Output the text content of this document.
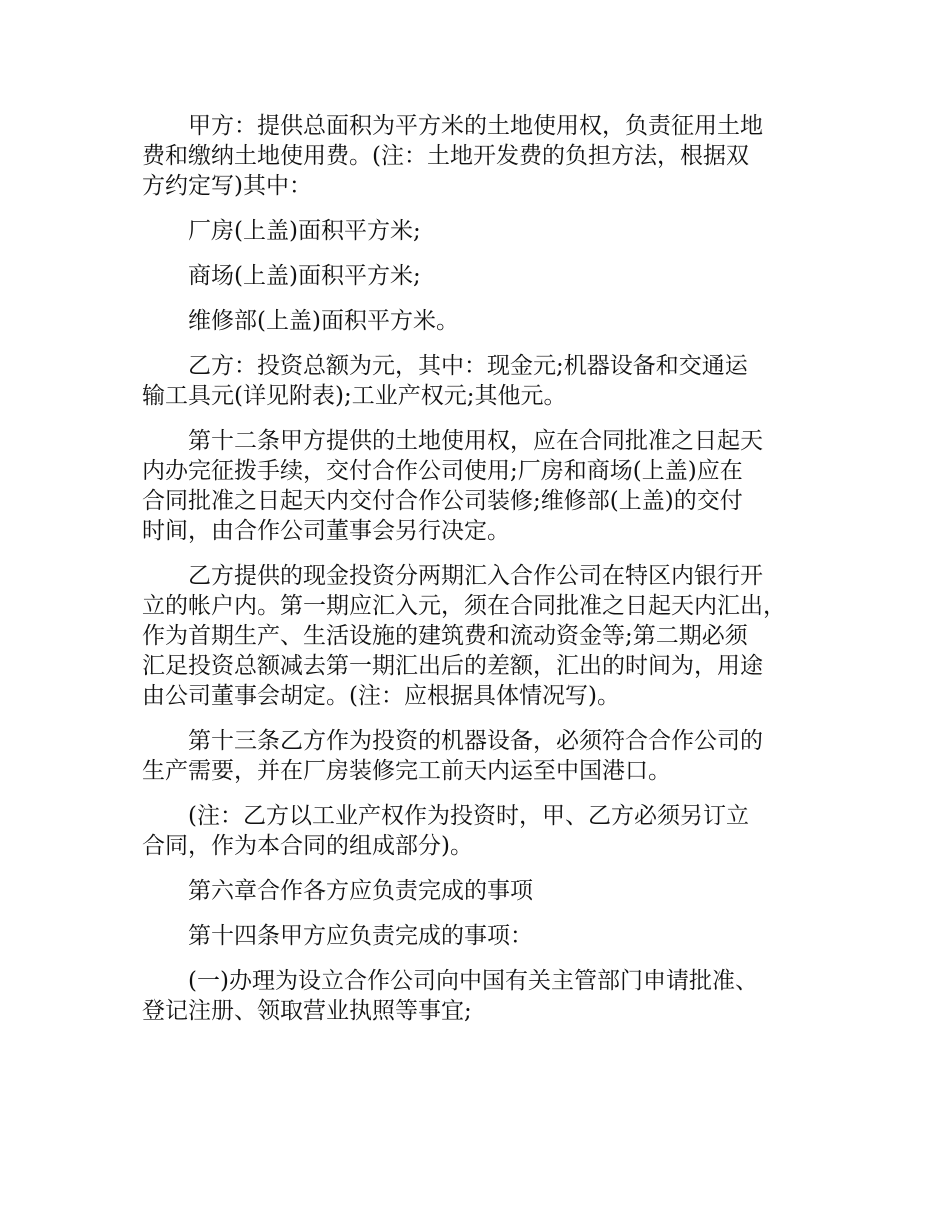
甲方：提供总面积为平方米的土地使用权，负责征用土地
费和缴纳土地使用费。(注：土地开发费的负担方法，根据双
方约定写)其中：

厂房(上盖)面积平方米;

商场(上盖)面积平方米;

维修部(上盖)面积平方米。

乙方：投资总额为元，其中：现金元;机器设备和交通运
输工具元(详见附表);工业产权元;其他元。

第十二条甲方提供的土地使用权，应在合同批准之日起天
内办完征拨手续，交付合作公司使用;厂房和商场(上盖)应在
合同批准之日起天内交付合作公司装修;维修部(上盖)的交付
时间，由合作公司董事会另行决定。

乙方提供的现金投资分两期汇入合作公司在特区内银行开
立的帐户内。第一期应汇入元，须在合同批准之日起天内汇出，
作为首期生产、生活设施的建筑费和流动资金等;第二期必须
汇足投资总额减去第一期汇出后的差额，汇出的时间为，用途
由公司董事会胡定。(注：应根据具体情况写)。

第十三条乙方作为投资的机器设备，必须符合合作公司的
生产需要，并在厂房装修完工前天内运至中国港口。

(注：乙方以工业产权作为投资时，甲、乙方必须另订立
合同，作为本合同的组成部分)。

第六章合作各方应负责完成的事项

第十四条甲方应负责完成的事项：

(一)办理为设立合作公司向中国有关主管部门申请批准、
登记注册、领取营业执照等事宜;
